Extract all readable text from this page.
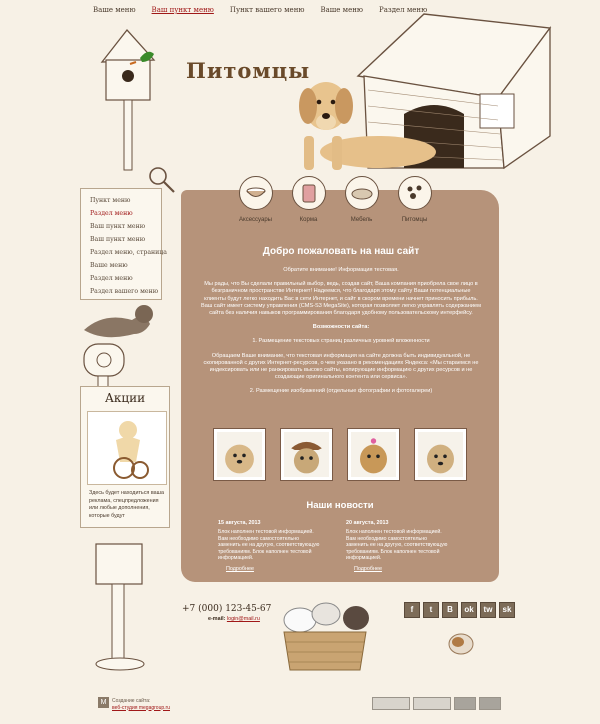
Ваше меню Ваш пункт меню Пункт вашего меню Ваше меню Раздел меню
Питомцы
Пункт меню
Раздел меню
Ваш пункт меню
Ваш пункт меню
Раздел меню, страница
Ваше меню
Раздел меню
Раздел вашего меню
Акции
Здесь будет находиться ваша реклама, спецпредложения или любые дополнения, которые будут
Аксессуары	Корма	Мебель	Питомцы
Добро пожаловать на наш сайт
Обратите внимание! Информация тестовая.
Мы рады, что Вы сделали правильный выбор, ведь, создав сайт, Ваша компания приобрела свое лицо в безграничном пространстве Интернет! Надеемся, что благодаря этому сайту Ваши потенциальные клиенты будут легко находить Вас в сети Интернет, и сайт в скором времени начнет приносить прибыль.
Ваш сайт имеет систему управления (CMS-S3 MegaSite), которая позволяет легко управлять содержанием сайта без наличия навыков программирования благодаря удобному пользовательскому интерфейсу.
Возможности сайта:
1. Размещение текстовых страниц различных уровней вложенности
Обращаем Ваше внимание, что текстовая информация на сайте должна быть индивидуальной, не скопированной с других Интернет-ресурсов, о чем указано в рекомендациях Яндекса: «Мы стараемся не индексировать или не ранжировать высоко сайты, копирующие информацию с других ресурсов и не создающие оригинального контента или сервиса».
2. Размещение изображений (отдельные фотографии и фотогалереи)
Наши новости
15 августа, 2013
Блок наполнен тестовой информацией. Вам необходимо самостоятельно заменить ее на другую, соответствующую требованиям. Блок наполнен тестовой информацией.
Подробнее
20 августа, 2013
Блок наполнен тестовой информацией. Вам необходимо самостоятельно заменить ее на другую, соответствующую требованиям. Блок наполнен тестовой информацией.
Подробнее
+7 (000) 123-45-67
e-mail: login@mail.ru
f	t	B	ok	tw	sk
M	Создание сайта:
веб-студия megagroup.ru
